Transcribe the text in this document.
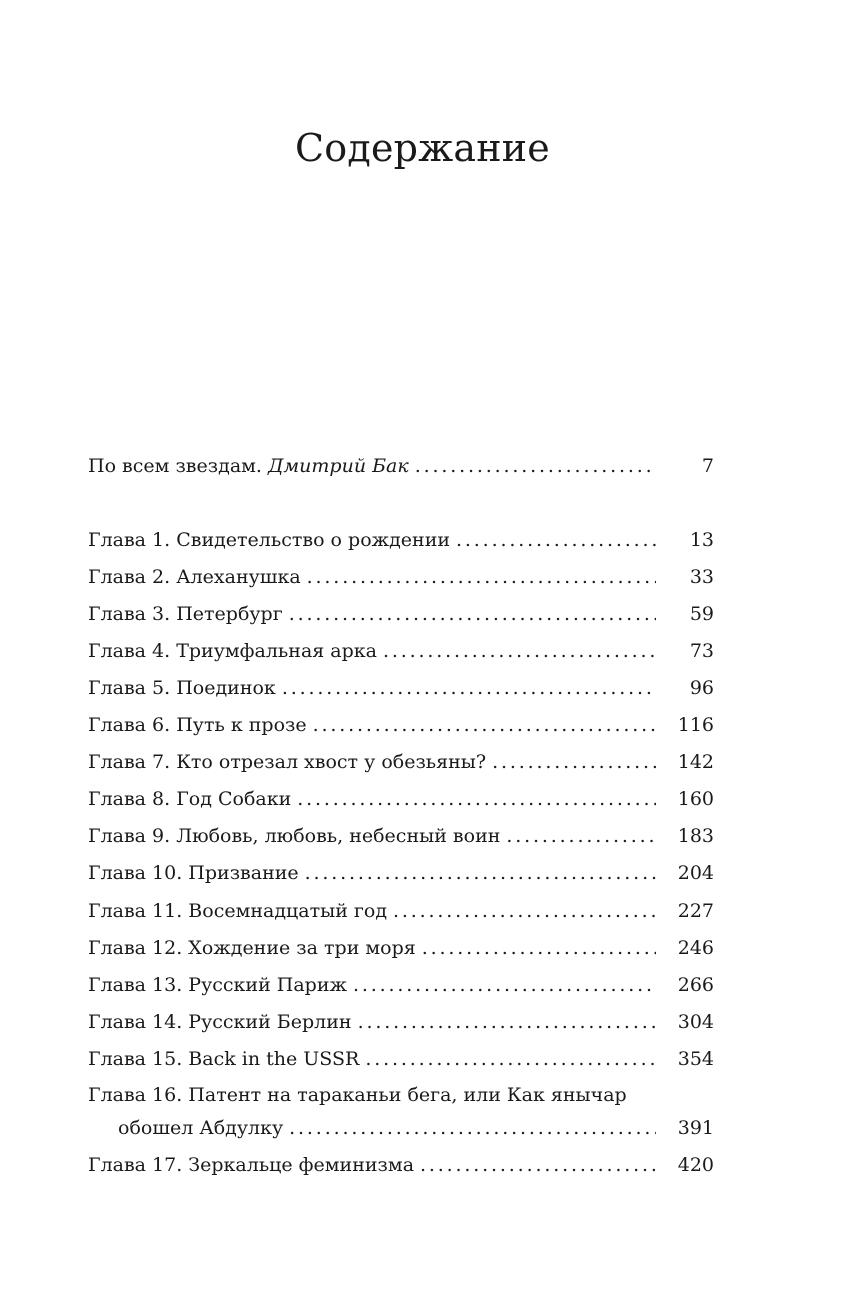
Содержание
По всем звездам. Дмитрий Бак . . .	7
Глава 1. Свидетельство о рождении . . .	13
Глава 2. Алеханушка . . .	33
Глава 3. Петербург . . .	59
Глава 4. Триумфальная арка . . .	73
Глава 5. Поединок . . .	96
Глава 6. Путь к прозе . . .	116
Глава 7. Кто отрезал хвост у обезьяны? . . .	142
Глава 8. Год Собаки . . .	160
Глава 9. Любовь, любовь, небесный воин . . .	183
Глава 10. Призвание . . .	204
Глава 11. Восемнадцатый год . . .	227
Глава 12. Хождение за три моря . . .	246
Глава 13. Русский Париж . . .	266
Глава 14. Русский Берлин . . .	304
Глава 15. Back in the USSR . . .	354
Глава 16. Патент на тараканьи бега, или Как янычар
обошел Абдулку . . .	391
Глава 17. Зеркальце феминизма . . .	420
